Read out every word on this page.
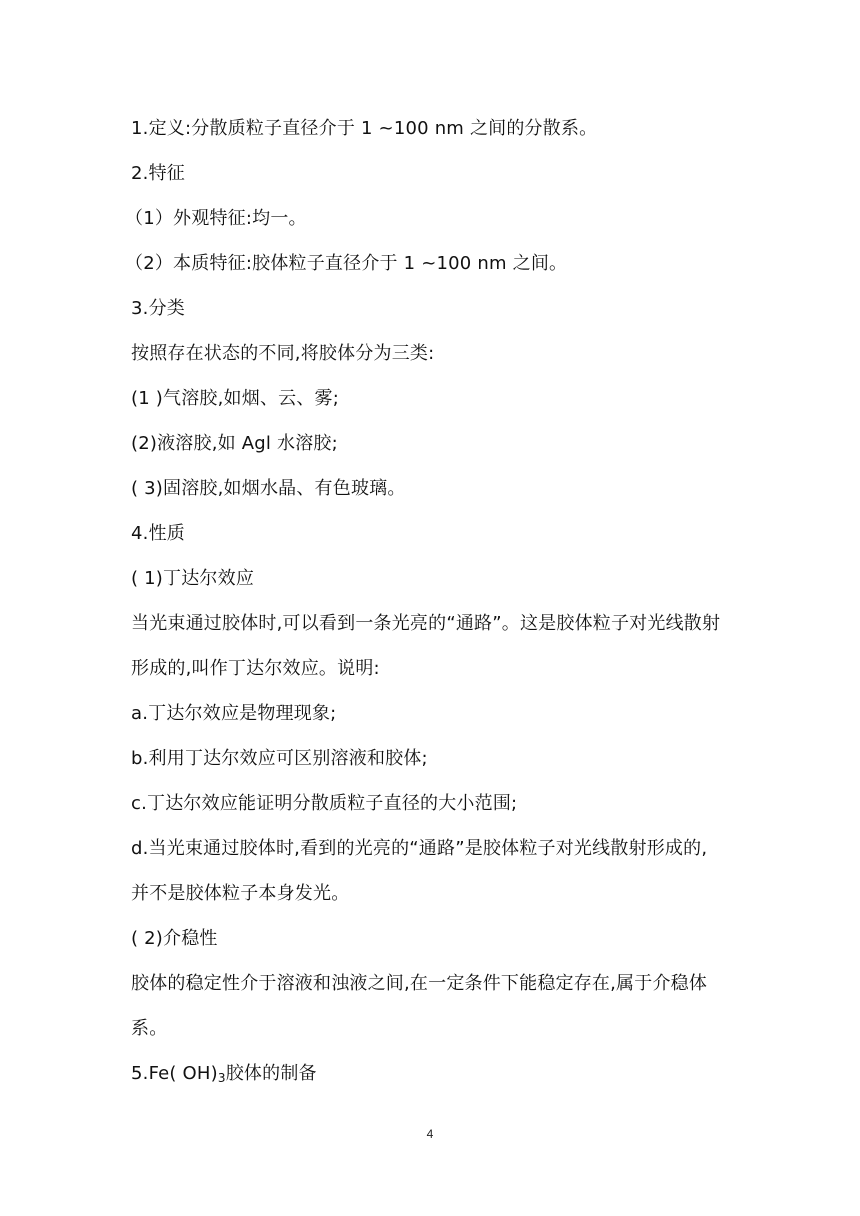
1.定义:分散质粒子直径介于 1 ~100 nm 之间的分散系。
2.特征
（1）外观特征:均一。
（2）本质特征:胶体粒子直径介于 1 ~100 nm 之间。
3.分类
按照存在状态的不同,将胶体分为三类:
(1 )气溶胶,如烟、云、雾;
(2)液溶胶,如 Agl 水溶胶;
( 3)固溶胶,如烟水晶、有色玻璃。
4.性质
( 1)丁达尔效应
当光束通过胶体时,可以看到一条光亮的“通路”。这是胶体粒子对光线散射
形成的,叫作丁达尔效应。说明:
a.丁达尔效应是物理现象;
b.利用丁达尔效应可区别溶液和胶体;
c.丁达尔效应能证明分散质粒子直径的大小范围;
d.当光束通过胶体时,看到的光亮的“通路”是胶体粒子对光线散射形成的,
并不是胶体粒子本身发光。
( 2)介稳性
胶体的稳定性介于溶液和浊液之间,在一定条件下能稳定存在,属于介稳体
系。
5.Fe( $OH)_3$胶体的制备
4
